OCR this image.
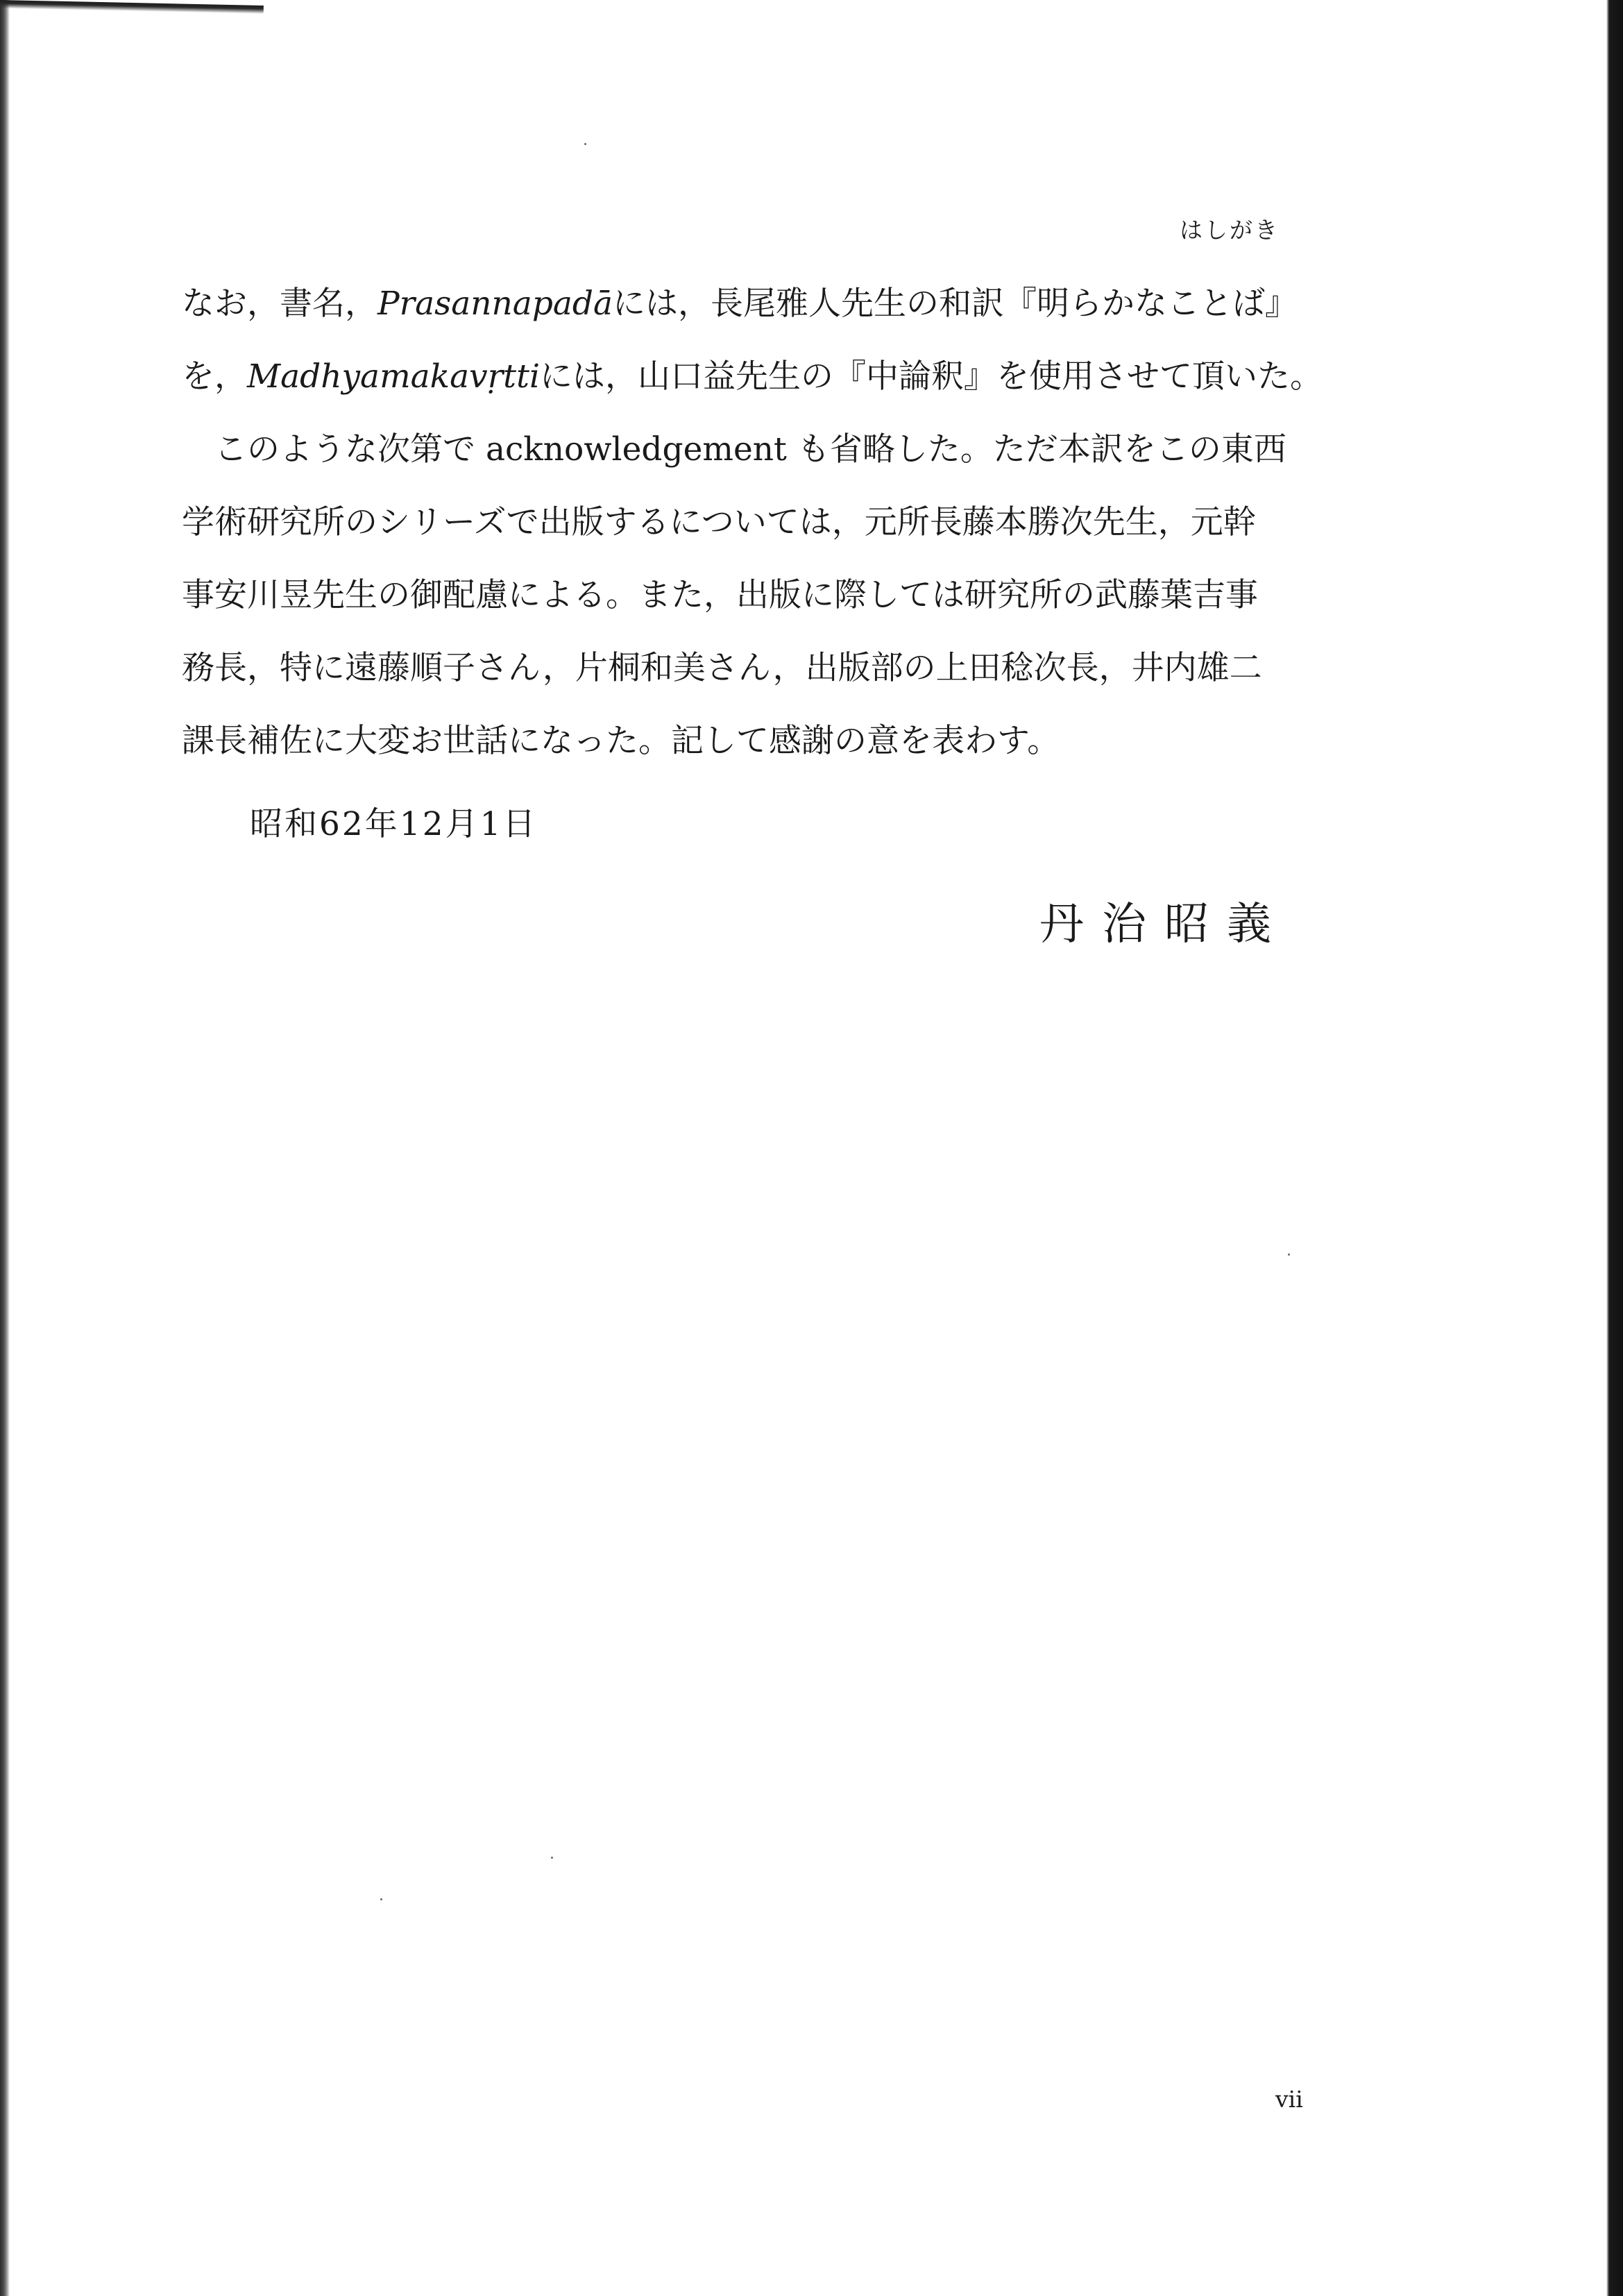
はしがき

なお，書名，Prasannapadāには，長尾雅人先生の和訳『明らかなことば』
を，Madhyamakavṛttiには，山口益先生の『中論釈』を使用させて頂いた。

このような次第で acknowledgement も省略した。ただ本訳をこの東西
学術研究所のシリーズで出版するについては，元所長藤本勝次先生，元幹
事安川昱先生の御配慮による。また，出版に際しては研究所の武藤葉吉事
務長，特に遠藤順子さん，片桐和美さん，出版部の上田稔次長，井内雄二
課長補佐に大変お世話になった。記して感謝の意を表わす。

昭和62年12月1日
丹治昭義
vii
